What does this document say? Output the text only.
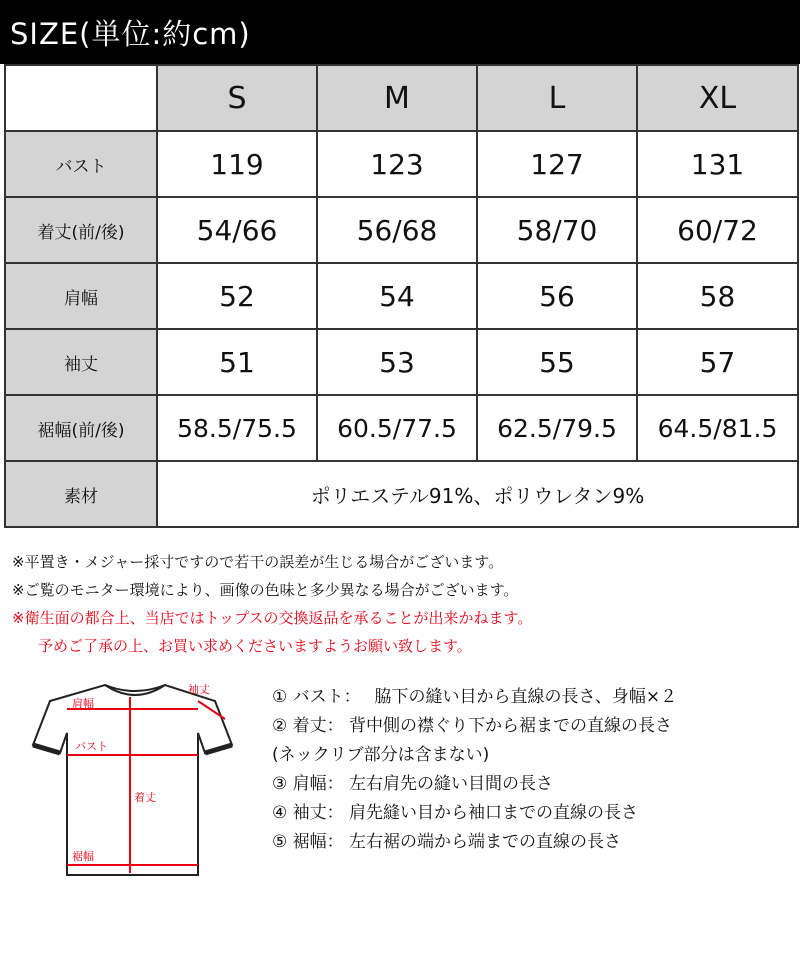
SIZE(単位:約cm)
	S	M	L	XL
バスト	119	123	127	131
着丈(前/後)	54/66	56/68	58/70	60/72
肩幅	52	54	56	58
袖丈	51	53	55	57
裾幅(前/後)	58.5/75.5	60.5/77.5	62.5/79.5	64.5/81.5
素材	ポリエステル91%、ポリウレタン9%			
※平置き・メジャー採寸ですので若干の誤差が生じる場合がございます。
※ご覧のモニター環境により、画像の色味と多少異なる場合がございます。
※衛生面の都合上、当店ではトップスの交換返品を承ることが出来かねます。
予めご了承の上、お買い求めくださいますようお願い致します。
肩幅
バスト
袖丈
着丈
裾幅
① バスト：　 脇下の縫い目から直線の長さ、身幅×２
② 着丈： 背中側の襟ぐり下から裾までの直線の長さ
(ネックリブ部分は含まない)
③ 肩幅： 左右肩先の縫い目間の長さ
④ 袖丈： 肩先縫い目から袖口までの直線の長さ
⑤ 裾幅： 左右裾の端から端までの直線の長さ
